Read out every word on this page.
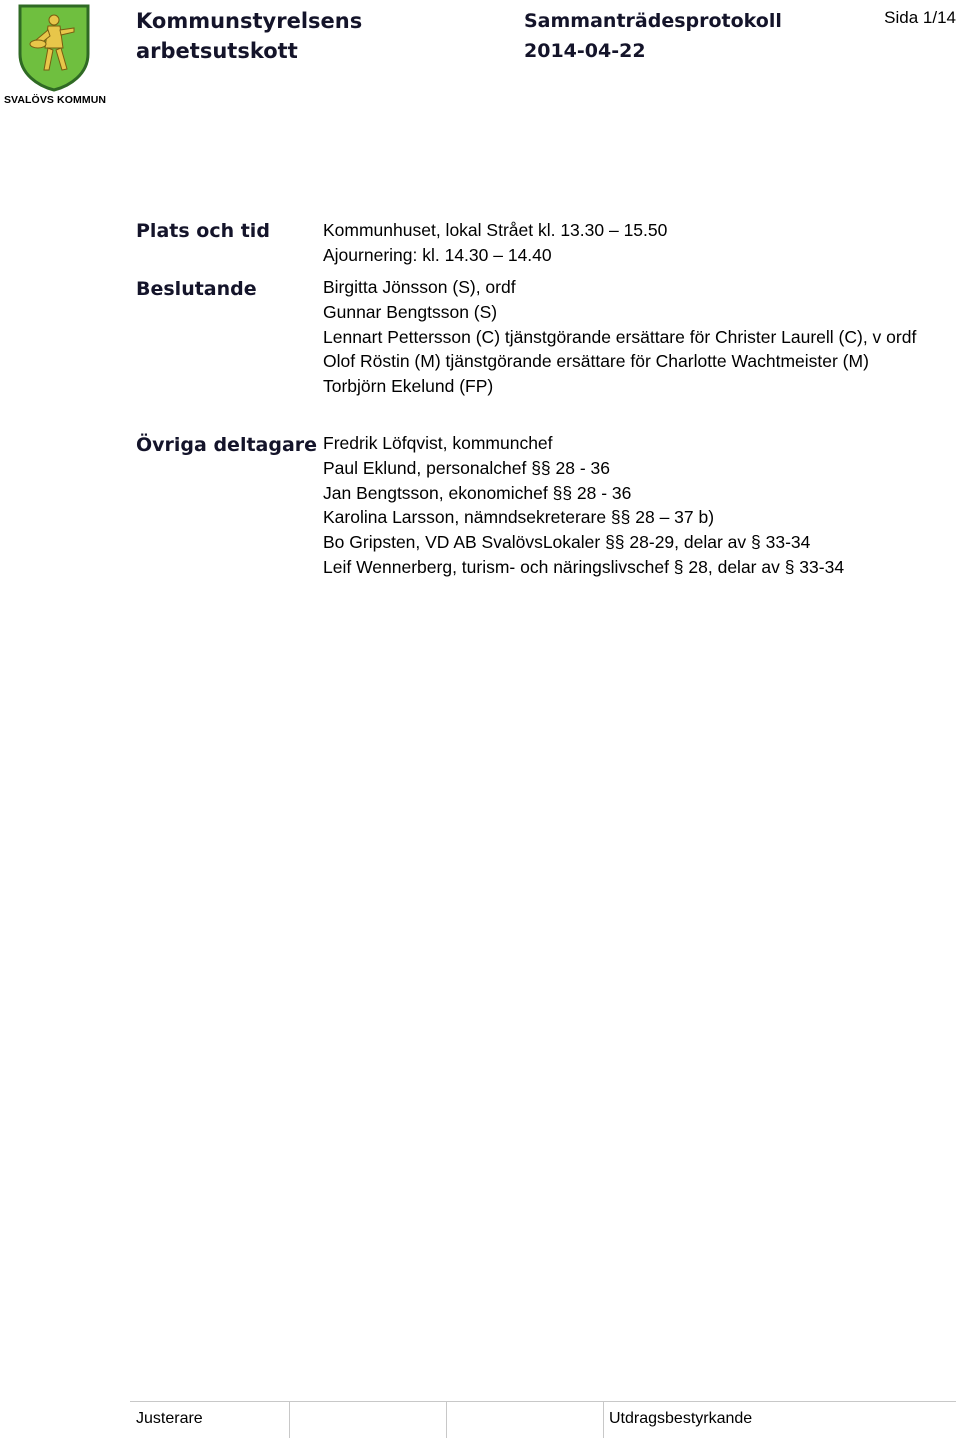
SVALÖVS KOMMUN
Kommunstyrelsens
arbetsutskott
Sammanträdesprotokoll
2014-04-22
Sida 1/14
Plats och tid	Kommunhuset, lokal Strået kl. 13.30 – 15.50
Ajournering: kl. 14.30 – 14.40
Beslutande	Birgitta Jönsson (S), ordf
Gunnar Bengtsson (S)
Lennart Pettersson (C) tjänstgörande ersättare för Christer Laurell (C), v ordf
Olof Röstin (M) tjänstgörande ersättare för Charlotte Wachtmeister (M)
Torbjörn Ekelund (FP)
Övriga deltagare Fredrik Löfqvist, kommunchef
Paul Eklund, personalchef §§ 28 - 36
Jan Bengtsson, ekonomichef §§ 28 - 36
Karolina Larsson, nämndsekreterare §§ 28 – 37 b)
Bo Gripsten, VD AB SvalövsLokaler §§ 28-29, delar av § 33-34
Leif Wennerberg, turism- och näringslivschef § 28, delar av § 33-34
Justerare	Utdragsbestyrkande
